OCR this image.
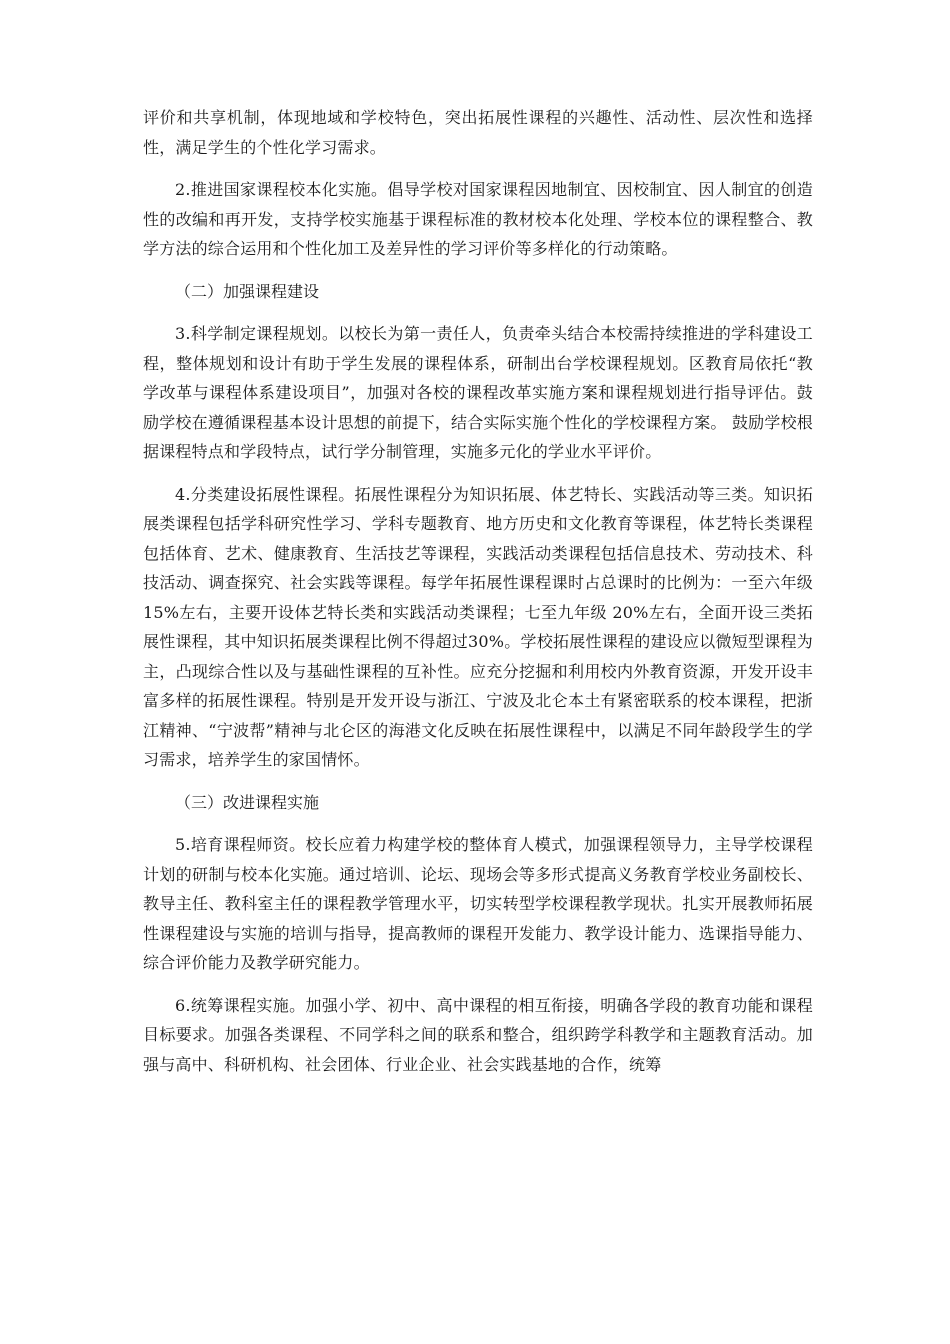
评价和共享机制，体现地域和学校特色，突出拓展性课程的兴趣性、活动性、层次性和选择性，满足学生的个性化学习需求。

2.推进国家课程校本化实施。倡导学校对国家课程因地制宜、因校制宜、因人制宜的创造性的改编和再开发，支持学校实施基于课程标准的教材校本化处理、学校本位的课程整合、教学方法的综合运用和个性化加工及差异性的学习评价等多样化的行动策略。

（二）加强课程建设

3.科学制定课程规划。以校长为第一责任人，负责牵头结合本校需持续推进的学科建设工程，整体规划和设计有助于学生发展的课程体系，研制出台学校课程规划。区教育局依托“教学改革与课程体系建设项目”，加强对各校的课程改革实施方案和课程规划进行指导评估。鼓励学校在遵循课程基本设计思想的前提下，结合实际实施个性化的学校课程方案。 鼓励学校根据课程特点和学段特点，试行学分制管理，实施多元化的学业水平评价。

4.分类建设拓展性课程。拓展性课程分为知识拓展、体艺特长、实践活动等三类。知识拓展类课程包括学科研究性学习、学科专题教育、地方历史和文化教育等课程，体艺特长类课程包括体育、艺术、健康教育、生活技艺等课程，实践活动类课程包括信息技术、劳动技术、科技活动、调查探究、社会实践等课程。每学年拓展性课程课时占总课时的比例为：一至六年级 15%左右，主要开设体艺特长类和实践活动类课程；七至九年级 20%左右，全面开设三类拓展性课程，其中知识拓展类课程比例不得超过30%。学校拓展性课程的建设应以微短型课程为主，凸现综合性以及与基础性课程的互补性。应充分挖掘和利用校内外教育资源，开发开设丰富多样的拓展性课程。特别是开发开设与浙江、宁波及北仑本土有紧密联系的校本课程，把浙江精神、“宁波帮”精神与北仑区的海港文化反映在拓展性课程中，以满足不同年龄段学生的学习需求，培养学生的家国情怀。

（三）改进课程实施

5.培育课程师资。校长应着力构建学校的整体育人模式，加强课程领导力，主导学校课程计划的研制与校本化实施。通过培训、论坛、现场会等多形式提高义务教育学校业务副校长、教导主任、教科室主任的课程教学管理水平，切实转型学校课程教学现状。扎实开展教师拓展性课程建设与实施的培训与指导，提高教师的课程开发能力、教学设计能力、选课指导能力、综合评价能力及教学研究能力。

6.统筹课程实施。加强小学、初中、高中课程的相互衔接，明确各学段的教育功能和课程目标要求。加强各类课程、不同学科之间的联系和整合，组织跨学科教学和主题教育活动。加强与高中、科研机构、社会团体、行业企业、社会实践基地的合作，统筹
